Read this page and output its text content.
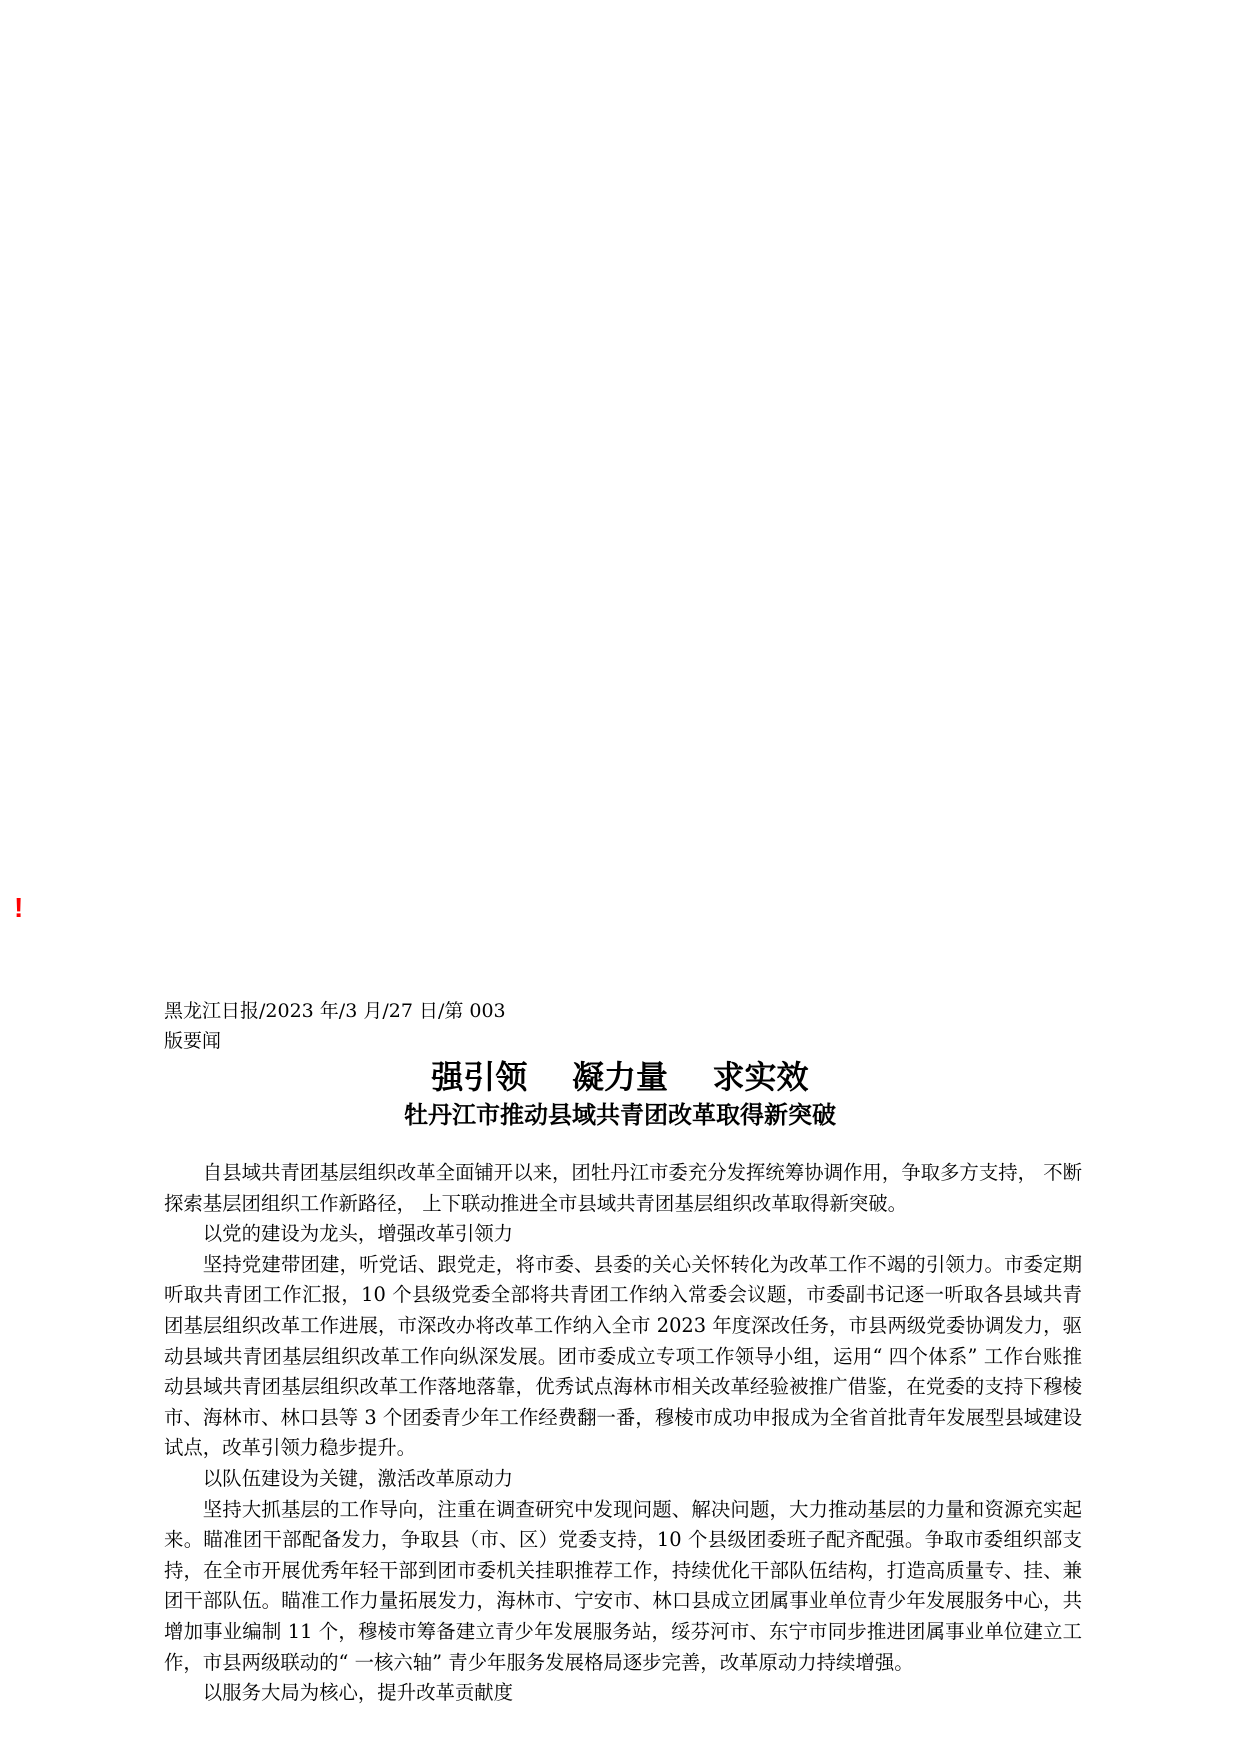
!
黑龙江日报/2023 年/3 月/27 日/第 003
版要闻
强引领    凝力量    求实效
牡丹江市推动县域共青团改革取得新突破

自县域共青团基层组织改革全面铺开以来，团牡丹江市委充分发挥统筹协调作用，争取多方支持， 不断探索基层团组织工作新路径， 上下联动推进全市县域共青团基层组织改革取得新突破。

以党的建设为龙头，增强改革引领力

坚持党建带团建，听党话、跟党走，将市委、县委的关心关怀转化为改革工作不竭的引领力。市委定期听取共青团工作汇报，10 个县级党委全部将共青团工作纳入常委会议题，市委副书记逐一听取各县域共青团基层组织改革工作进展，市深改办将改革工作纳入全市 2023 年度深改任务，市县两级党委协调发力，驱动县域共青团基层组织改革工作向纵深发展。团市委成立专项工作领导小组，运用“ 四个体系” 工作台账推动县域共青团基层组织改革工作落地落靠，优秀试点海林市相关改革经验被推广借鉴，在党委的支持下穆棱市、海林市、林口县等 3 个团委青少年工作经费翻一番，穆棱市成功申报成为全省首批青年发展型县域建设试点，改革引领力稳步提升。

以队伍建设为关键，激活改革原动力

坚持大抓基层的工作导向，注重在调查研究中发现问题、解决问题，大力推动基层的力量和资源充实起来。瞄准团干部配备发力，争取县（市、区）党委支持，10 个县级团委班子配齐配强。争取市委组织部支持，在全市开展优秀年轻干部到团市委机关挂职推荐工作，持续优化干部队伍结构，打造高质量专、挂、兼团干部队伍。瞄准工作力量拓展发力，海林市、宁安市、林口县成立团属事业单位青少年发展服务中心，共增加事业编制 11 个，穆棱市筹备建立青少年发展服务站，绥芬河市、东宁市同步推进团属事业单位建立工作，市县两级联动的“ 一核六轴” 青少年服务发展格局逐步完善，改革原动力持续增强。

以服务大局为核心，提升改革贡献度
